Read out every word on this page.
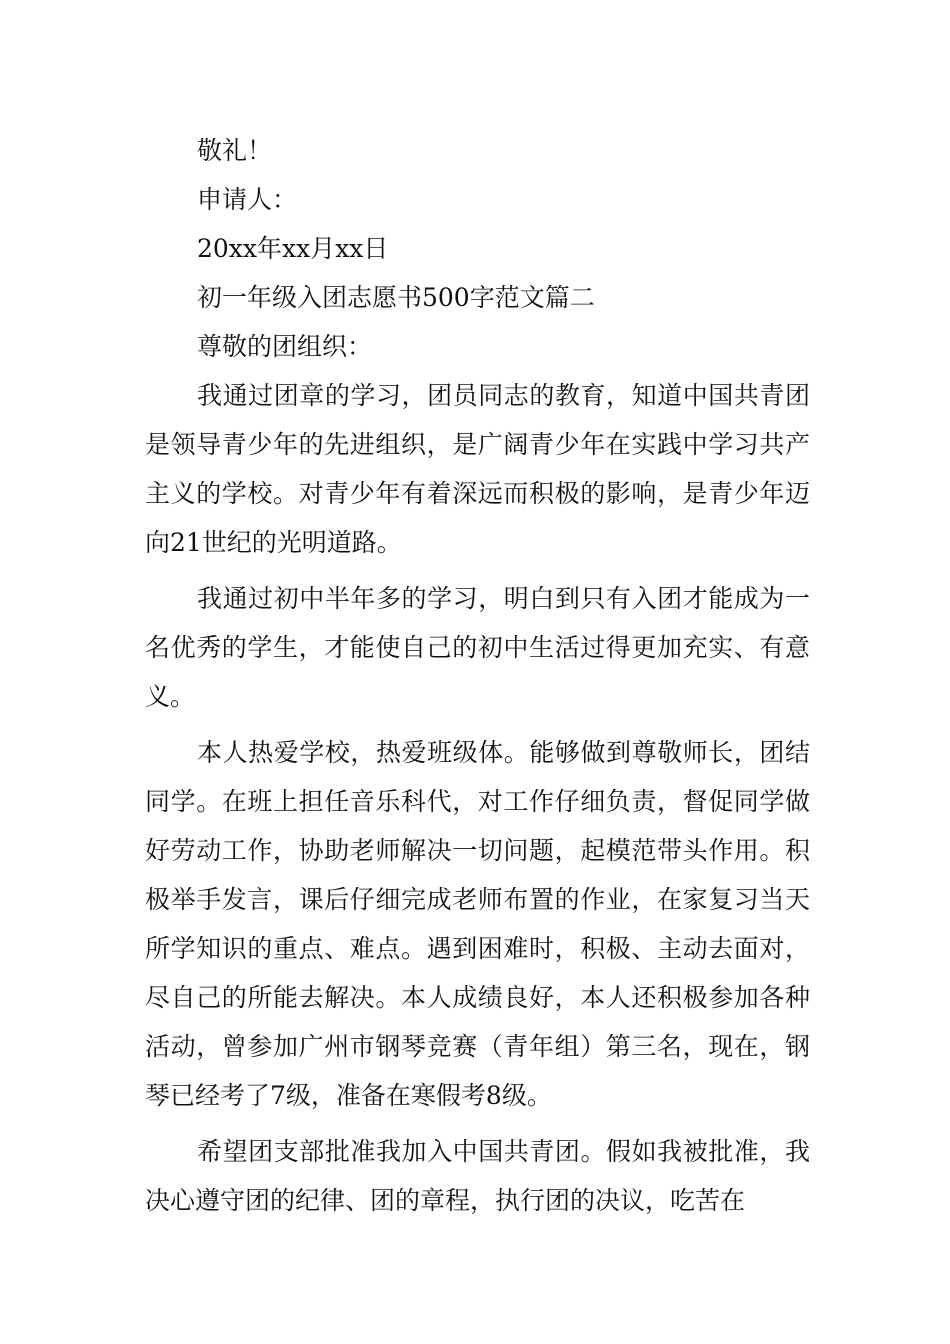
敬礼！

申请人：

20xx年xx月xx日

初一年级入团志愿书500字范文篇二

尊敬的团组织：

我通过团章的学习，团员同志的教育，知道中国共青团是领导青少年的先进组织，是广阔青少年在实践中学习共产主义的学校。对青少年有着深远而积极的影响，是青少年迈向21世纪的光明道路。

我通过初中半年多的学习，明白到只有入团才能成为一名优秀的学生，才能使自己的初中生活过得更加充实、有意义。

本人热爱学校，热爱班级体。能够做到尊敬师长，团结同学。在班上担任音乐科代，对工作仔细负责，督促同学做好劳动工作，协助老师解决一切问题，起模范带头作用。积极举手发言，课后仔细完成老师布置的作业，在家复习当天所学知识的重点、难点。遇到困难时，积极、主动去面对，尽自己的所能去解决。本人成绩良好，本人还积极参加各种活动，曾参加广州市钢琴竞赛（青年组）第三名，现在，钢琴已经考了7级，准备在寒假考8级。

希望团支部批准我加入中国共青团。假如我被批准，我决心遵守团的纪律、团的章程，执行团的决议，吃苦在
